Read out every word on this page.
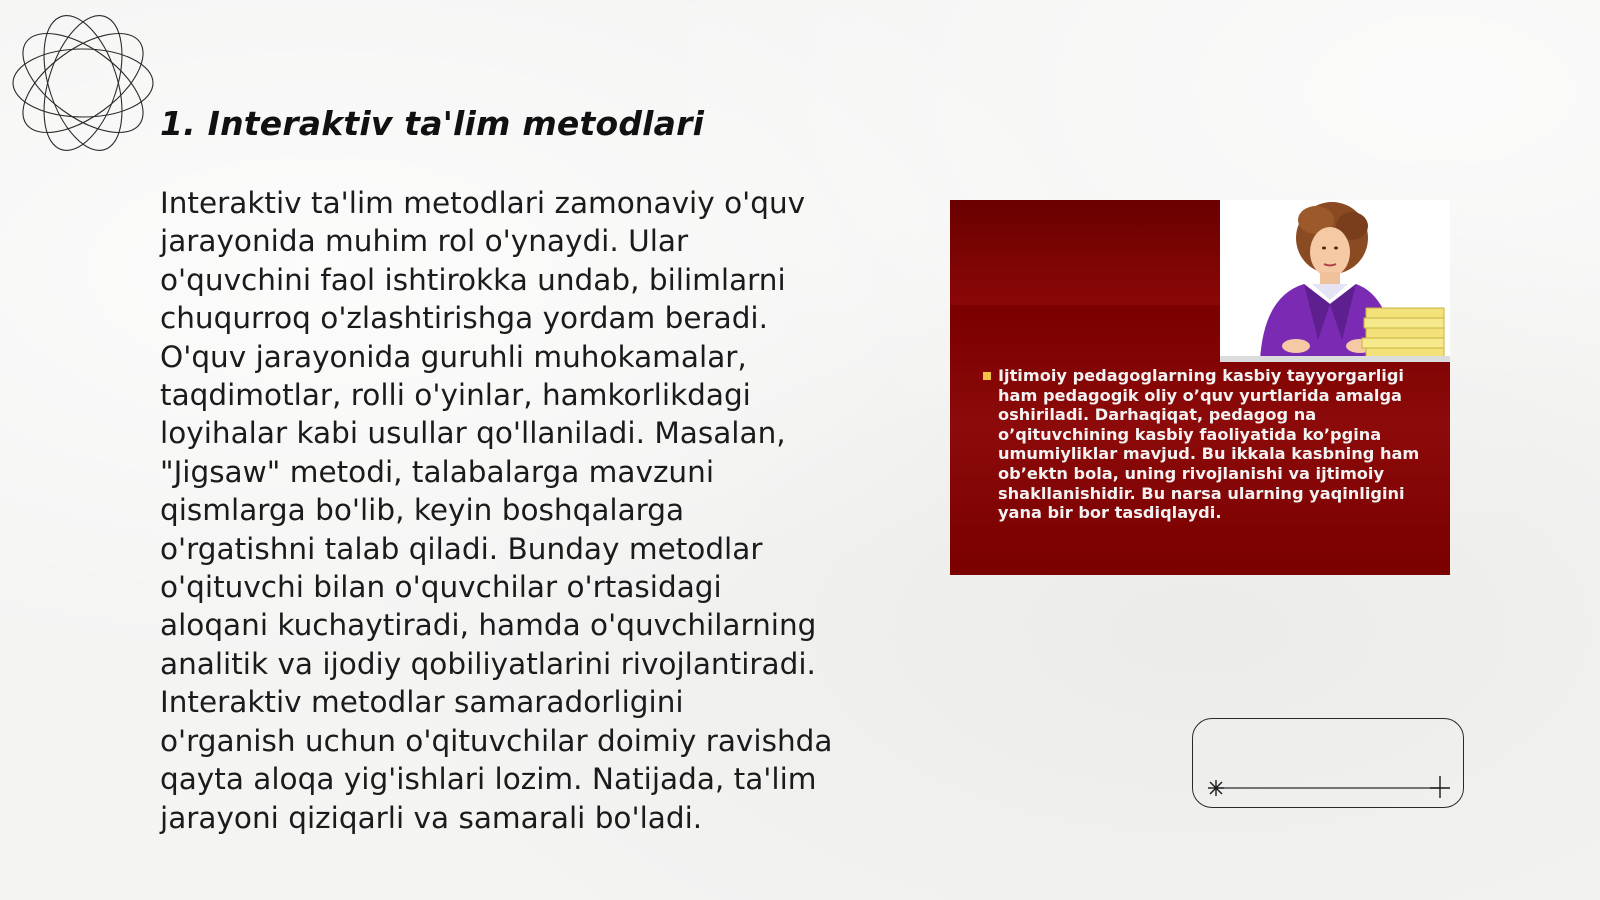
1. Interaktiv ta'lim metodlari

Interaktiv ta'lim metodlari zamonaviy o'quv
jarayonida muhim rol o'ynaydi. Ular
o'quvchini faol ishtirokka undab, bilimlarni
chuqurroq o'zlashtirishga yordam beradi.
O'quv jarayonida guruhli muhokamalar,
taqdimotlar, rolli o'yinlar, hamkorlikdagi
loyihalar kabi usullar qo'llaniladi. Masalan,
"Jigsaw" metodi, talabalarga mavzuni
qismlarga bo'lib, keyin boshqalarga
o'rgatishni talab qiladi. Bunday metodlar
o'qituvchi bilan o'quvchilar o'rtasidagi
aloqani kuchaytiradi, hamda o'quvchilarning
analitik va ijodiy qobiliyatlarini rivojlantiradi.
Interaktiv metodlar samaradorligini
o'rganish uchun o'qituvchilar doimiy ravishda
qayta aloqa yig'ishlari lozim. Natijada, ta'lim
jarayoni qiziqarli va samarali bo'ladi.

Ijtimoiy pedagoglarning kasbiy tayyorgarligi ham pedagogik oliy o’quv yurtlarida amalga oshiriladi. Darhaqiqat, pedagog na o’qituvchining kasbiy faoliyatida ko’pgina umumiyliklar mavjud. Bu ikkala kasbning ham ob’ektn bola, uning rivojlanishi va ijtimoiy shakllanishidir. Bu narsa ularning yaqinligini yana bir bor tasdiqlaydi.
